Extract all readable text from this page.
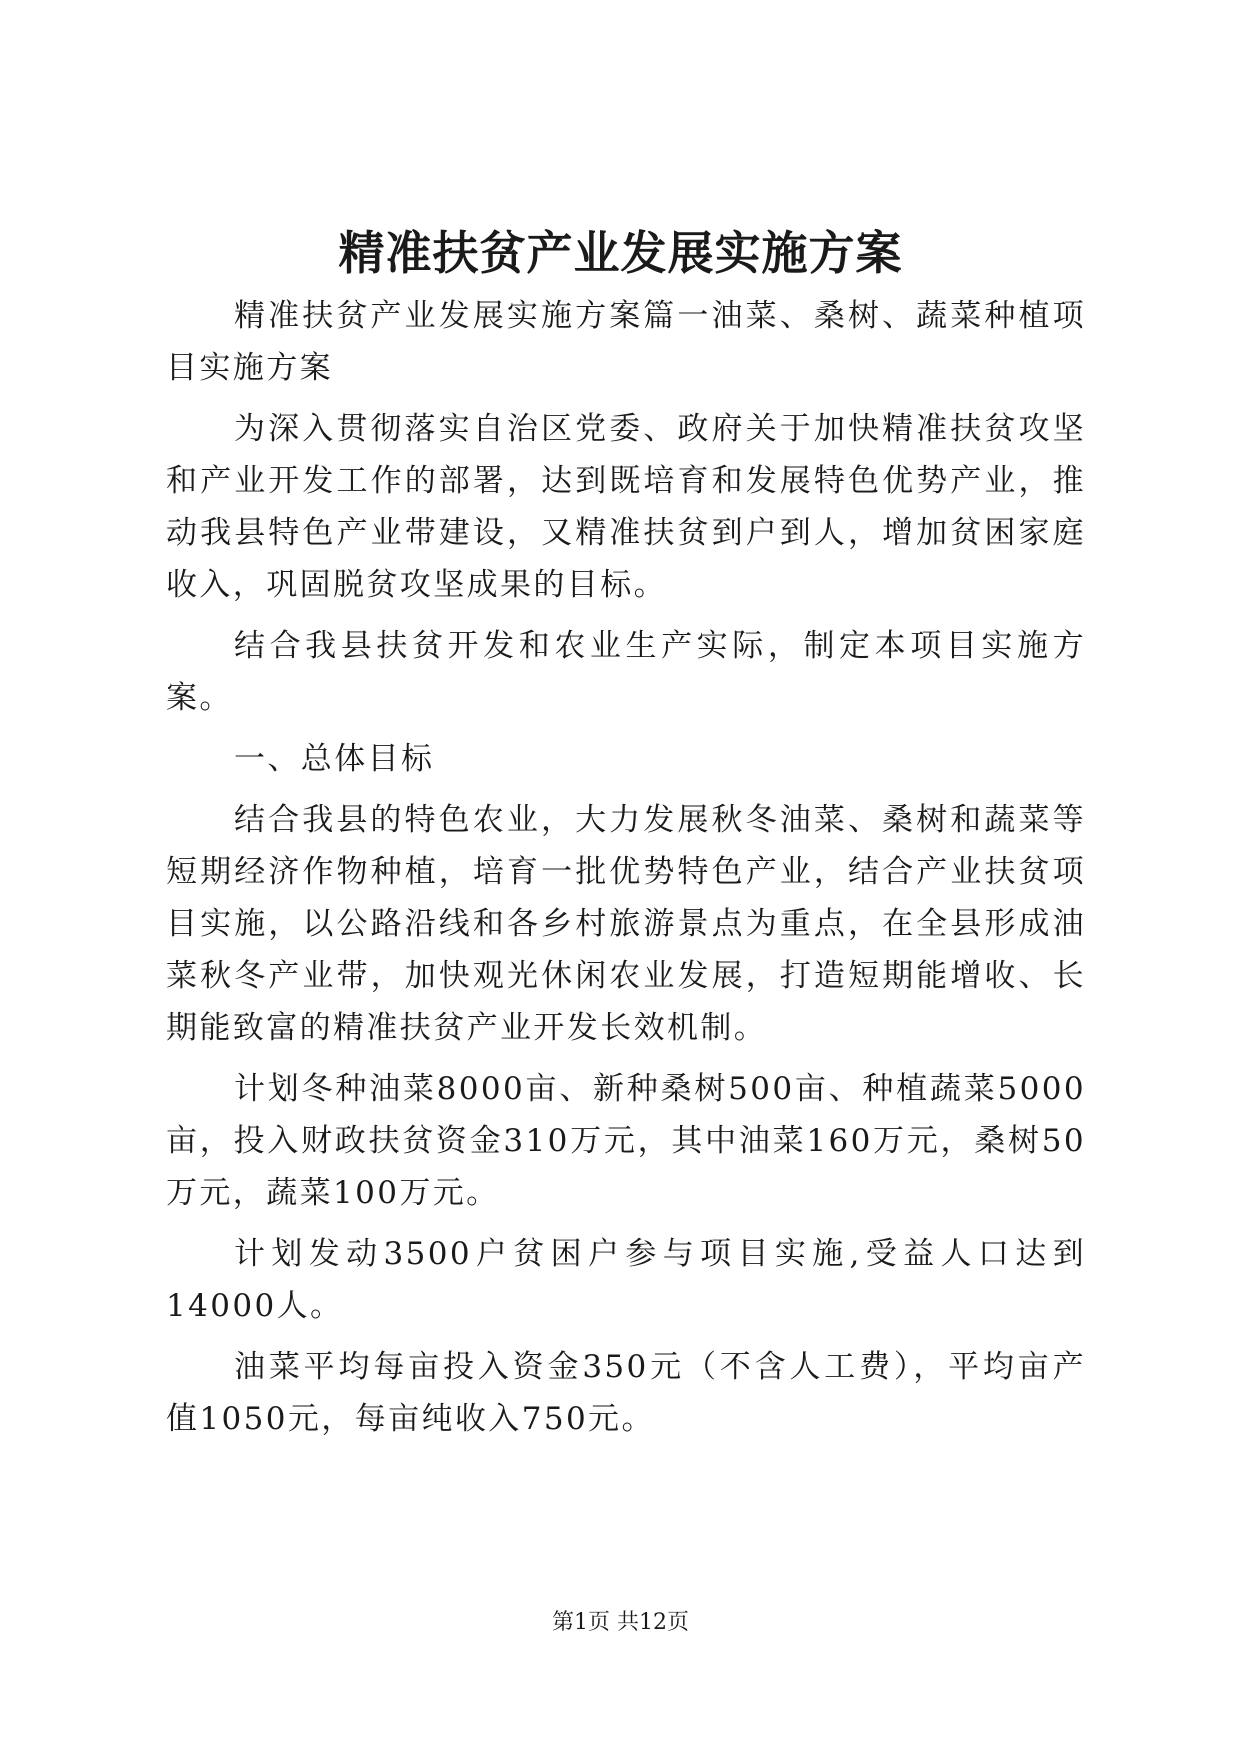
精准扶贫产业发展实施方案

精准扶贫产业发展实施方案篇一油菜、桑树、蔬菜种植项目实施方案

为深入贯彻落实自治区党委、政府关于加快精准扶贫攻坚和产业开发工作的部署，达到既培育和发展特色优势产业，推动我县特色产业带建设，又精准扶贫到户到人，增加贫困家庭收入，巩固脱贫攻坚成果的目标。

结合我县扶贫开发和农业生产实际，制定本项目实施方案。

一、总体目标

结合我县的特色农业，大力发展秋冬油菜、桑树和蔬菜等短期经济作物种植，培育一批优势特色产业，结合产业扶贫项目实施，以公路沿线和各乡村旅游景点为重点，在全县形成油菜秋冬产业带，加快观光休闲农业发展，打造短期能增收、长期能致富的精准扶贫产业开发长效机制。

计划冬种油菜8000亩、新种桑树500亩、种植蔬菜5000亩，投入财政扶贫资金310万元，其中油菜160万元，桑树50万元，蔬菜100万元。

计划发动3500户贫困户参与项目实施,受益人口达到14000人。

油菜平均每亩投入资金350元（不含人工费），平均亩产值1050元，每亩纯收入750元。

第1页 共12页
